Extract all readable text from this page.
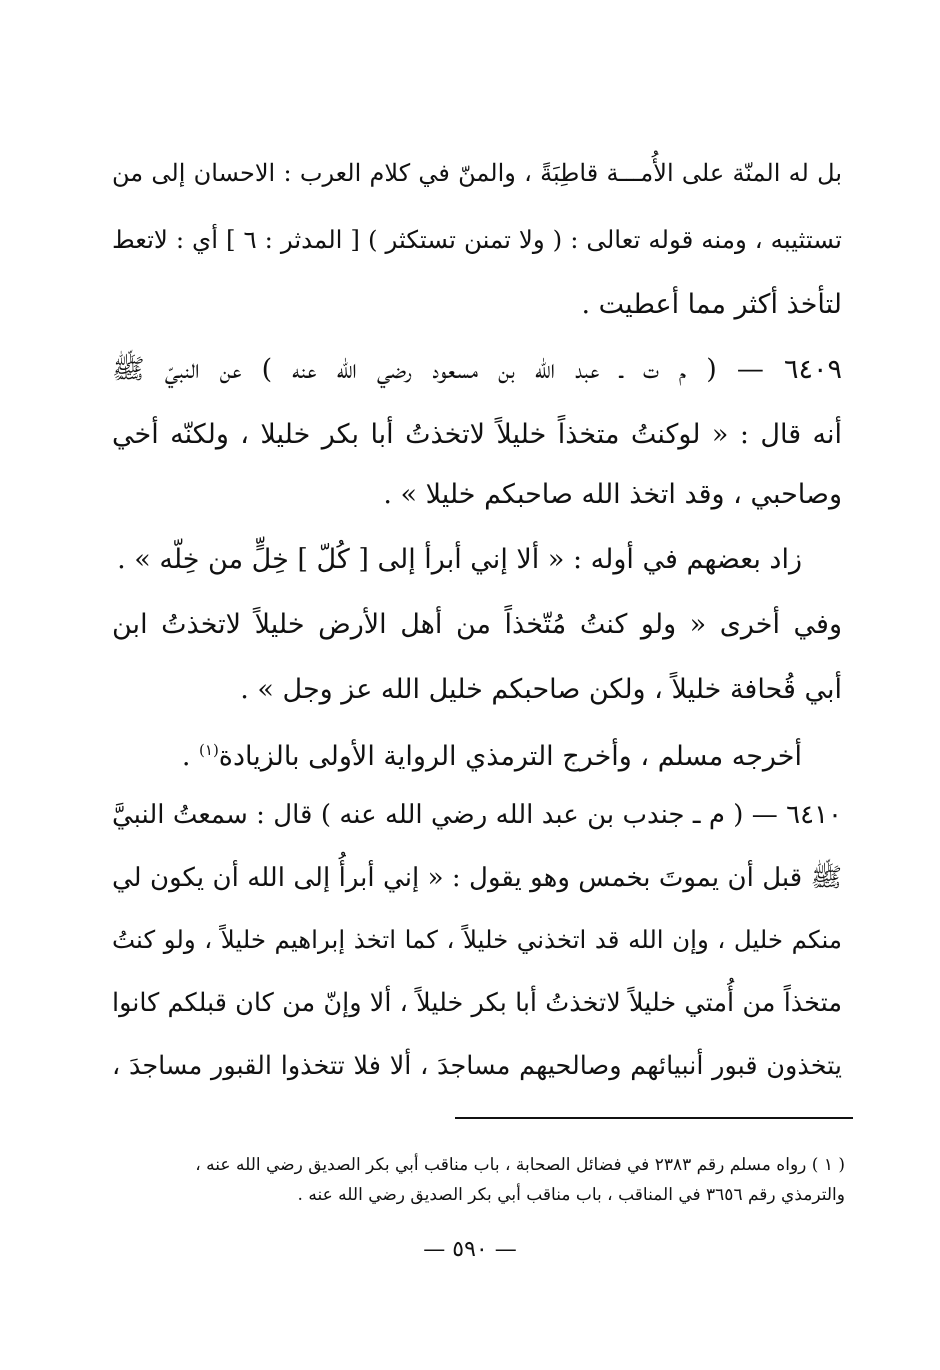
بل له المنّة على الأُمـــة قاطِبَةً ، والمنّ في كلام العرب : الاحسان إلى من
تستثيبه ، ومنه قوله تعالى : ( ولا تمنن تستكثر ) [ المدثر : ٦ ] أي : لاتعط
لتأخذ أكثر مما أعطيت .
٦٤٠٩ — ( م ت ـ عبد الله بن مسعود رضي الله عنه ) عن النبيّ ﷺ
أنه قال : « لوكنتُ متخذاً خليلاً لاتخذتُ أبا بكر خليلا ، ولكنّه أخي
وصاحبي ، وقد اتخذ الله صاحبكم خليلا » .
زاد بعضهم في أوله : « ألا إني أبرأ إلى [ كُلّ ] خِلٍّ من خِلّه » .
وفي أخرى « ولو كنتُ مُتّخذاً من أهل الأرض خليلاً لاتخذتُ ابن
أبي قُحافة خليلاً ، ولكن صاحبكم خليل الله عز وجل » .
أخرجه مسلم ، وأخرج الترمذي الرواية الأولى بالزيادة$^{(١)}$ .
٦٤١٠ — ( م ـ جندب بن عبد الله رضي الله عنه ) قال : سمعتُ النبيَّ
ﷺ قبل أن يموتَ بخمس وهو يقول : « إني أبرأُ إلى الله أن يكون لي
منكم خليل ، وإن الله قد اتخذني خليلاً ، كما اتخذ إبراهيم خليلاً ، ولو كنتُ
متخذاً من أُمتي خليلاً لاتخذتُ أبا بكر خليلاً ، ألا وإنّ من كان قبلكم كانوا
يتخذون قبور أنبيائهم وصالحيهم مساجدَ ، ألا فلا تتخذوا القبور مساجدَ ،
( ١ ) رواه مسلم رقم ٢٣٨٣ في فضائل الصحابة ، باب مناقب أبي بكر الصديق رضي الله عنه ،
والترمذي رقم ٣٦٥٦ في المناقب ، باب مناقب أبي بكر الصديق رضي الله عنه .
— ٥٩٠ —
